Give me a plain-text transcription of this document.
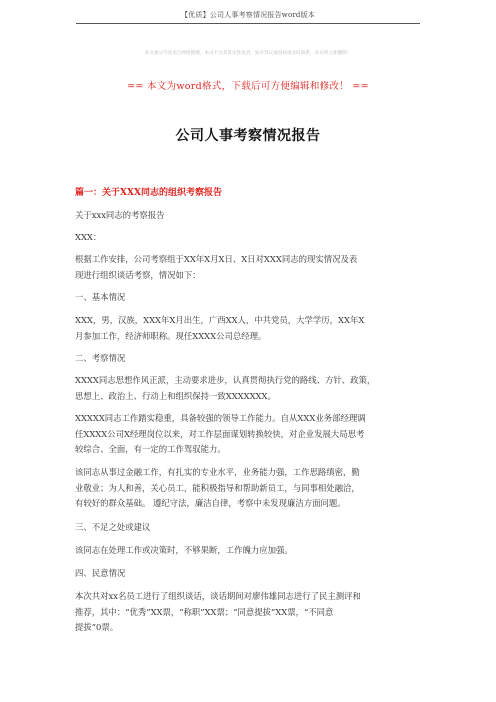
【优质】公司人事考察情况报告word版本
本文部分内容来自网络整理，本司不为其真实性负责，如有异议或侵权请及时联系，本司将立即删除！
== 本文为word格式，下载后可方便编辑和修改！ ==
公司人事考察情况报告
篇一：关于XXX同志的组织考察报告
关于xxx同志的考察报告
XXX：
根据工作安排，公司考察组于XX年X月X日、X日对XXX同志的现实情况及表
现进行组织谈话考察，情况如下：
一、基本情况
XXX，男，汉族，XXX年X月出生，广西XX人，中共党员，大学学历，XX年X
月参加工作，经济师职称。现任XXXX公司总经理。
二、考察情况
XXXX同志思想作风正派，主动要求进步，认真贯彻执行党的路线、方针、政策，
思想上、政治上、行动上和组织保持一致XXXXXXX。
XXXXX同志工作踏实稳重，具备较强的领导工作能力。自从XXX业务部经理调
任XXXX公司X经理岗位以来，对工作层面谋划转换较快，对企业发展大局思考
较综合、全面，有一定的工作驾驭能力。
该同志从事过金融工作，有扎实的专业水平，业务能力强，工作思路缜密，勤
业敬业；为人和善，关心员工，能积极指导和帮助新员工，与同事相处融洽，
有较好的群众基础。 遵纪守法，廉洁自律，考察中未发现廉洁方面问题。
三、不足之处或建议
该同志在处理工作或决策时，不够果断，工作魄力应加强。
四、民意情况
本次共对xx名员工进行了组织谈话，谈话期间对廖伟雄同志进行了民主测评和
推荐，其中：“优秀”XX票，“称职”XX票；“同意提拔”XX票，“不同意
提拔”0票。
